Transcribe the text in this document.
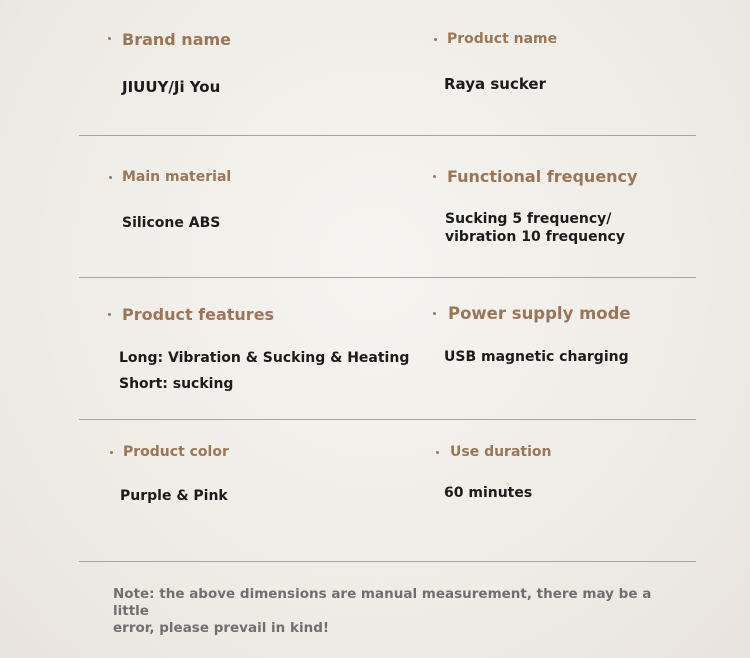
Brand name
JIUUY/Ji You
Product name
Raya sucker
Main material
Silicone ABS
Functional frequency
Sucking 5 frequency/
vibration 10 frequency
Product features
Long: Vibration & Sucking & Heating
Short: sucking
Power supply mode
USB magnetic charging
Product color
Purple & Pink
Use duration
60 minutes
Note: the above dimensions are manual measurement, there may be a little
error, please prevail in kind!
